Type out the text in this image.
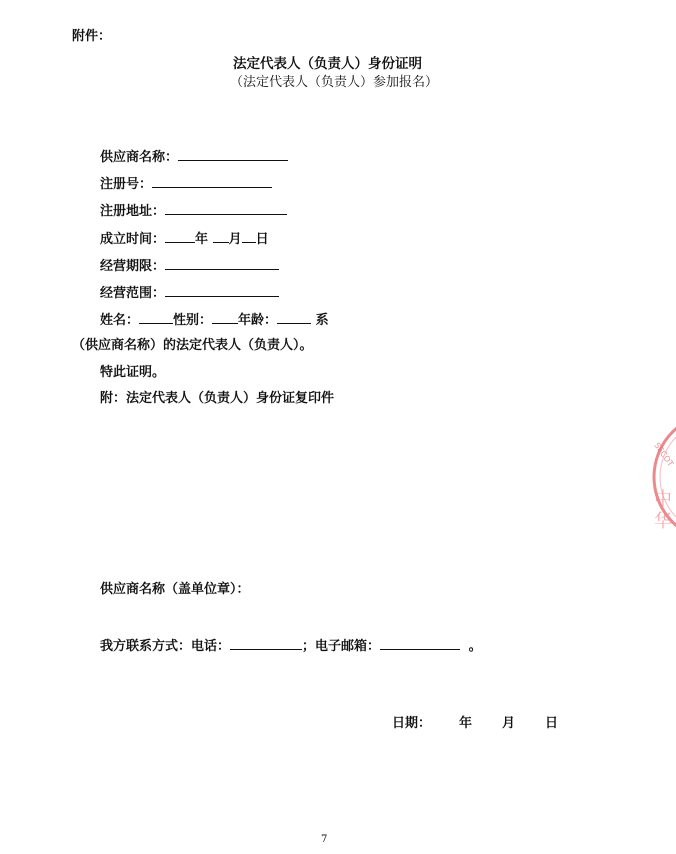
附件：
法定代表人（负责人）身份证明
（法定代表人（负责人）参加报名）
供应商名称：
注册号：
注册地址：
成立时间： 年 月 日
经营期限：
经营范围：
姓名：	性别： 年龄：	系
（供应商名称）的法定代表人（负责人）。
特此证明。
附：法定代表人（负责人）身份证复印件
SECOT
中
华
供应商名称（盖单位章）：
我方联系方式：电话：	；电子邮箱：	。
日期： 年 月 日
7
